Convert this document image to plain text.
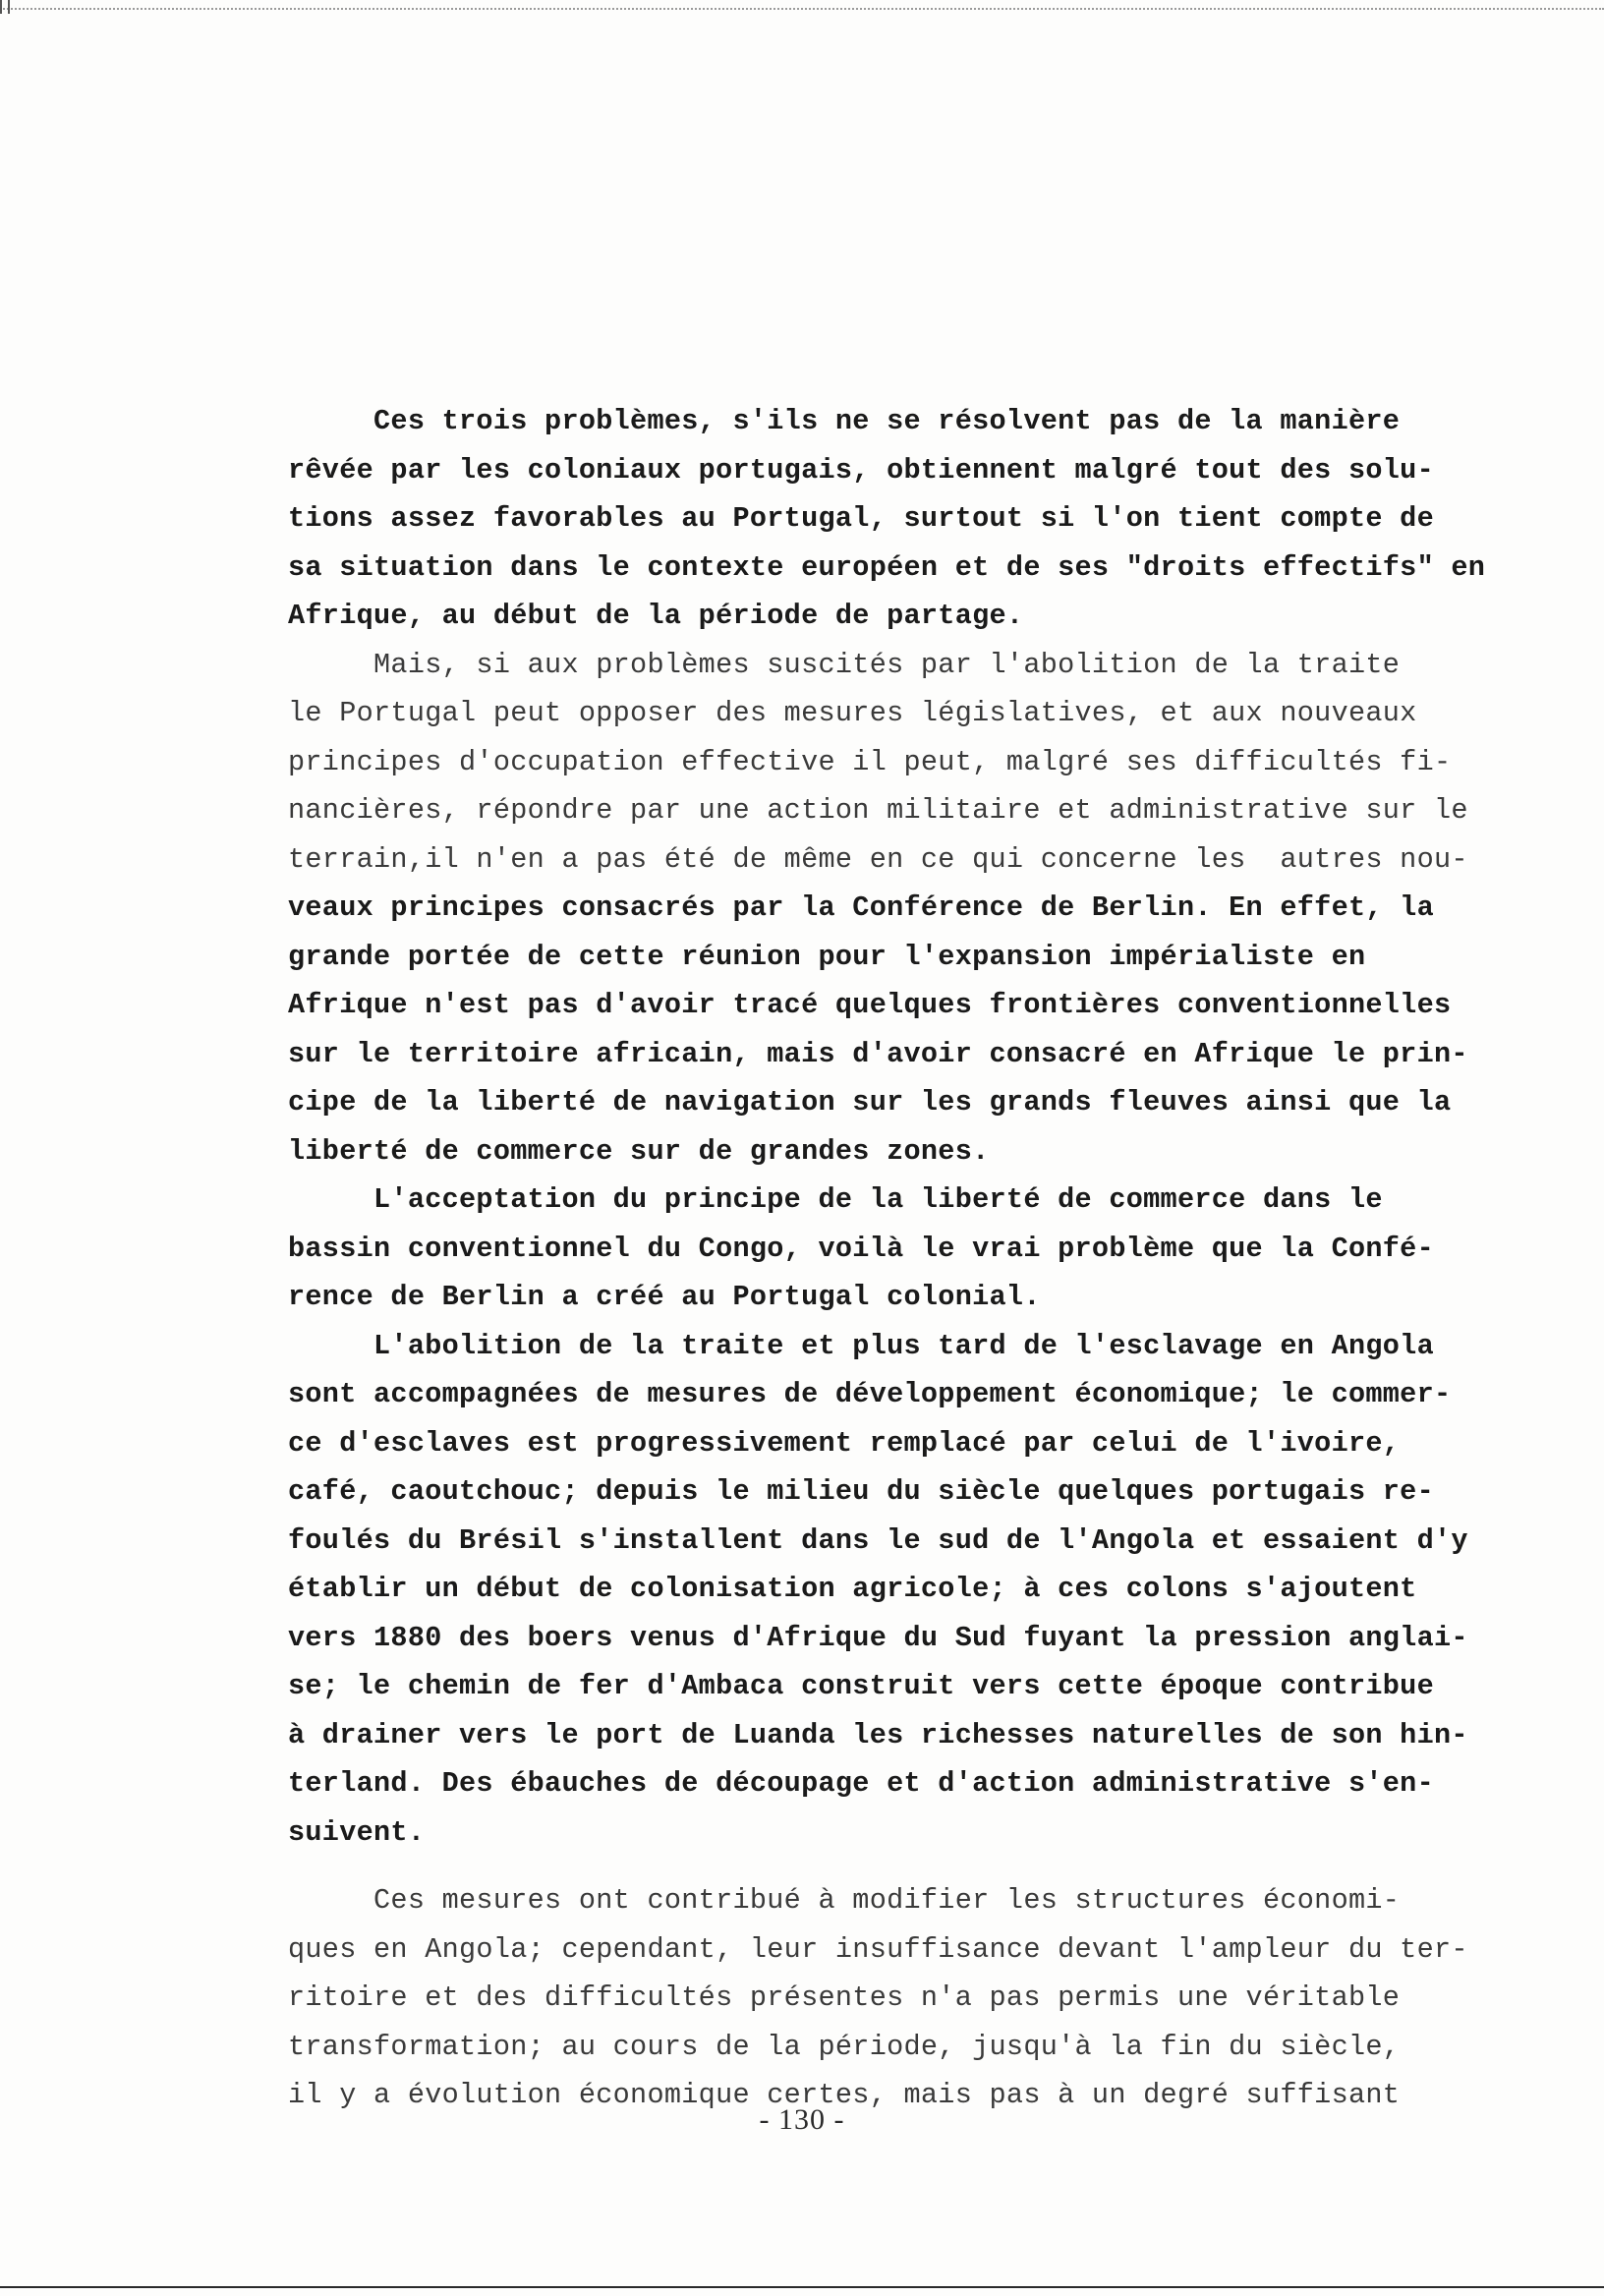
Ces trois problèmes, s'ils ne se résolvent pas de la manière
rêvée par les coloniaux portugais, obtiennent malgré tout des solu-
tions assez favorables au Portugal, surtout si l'on tient compte de
sa situation dans le contexte européen et de ses "droits effectifs" en
Afrique, au début de la période de partage.
Mais, si aux problèmes suscités par l'abolition de la traite
le Portugal peut opposer des mesures législatives, et aux nouveaux
principes d'occupation effective il peut, malgré ses difficultés fi-
nancières, répondre par une action militaire et administrative sur le
terrain,il n'en a pas été de même en ce qui concerne les  autres nou-
veaux principes consacrés par la Conférence de Berlin. En effet, la
grande portée de cette réunion pour l'expansion impérialiste en
Afrique n'est pas d'avoir tracé quelques frontières conventionnelles
sur le territoire africain, mais d'avoir consacré en Afrique le prin-
cipe de la liberté de navigation sur les grands fleuves ainsi que la
liberté de commerce sur de grandes zones.
L'acceptation du principe de la liberté de commerce dans le
bassin conventionnel du Congo, voilà le vrai problème que la Confé-
rence de Berlin a créé au Portugal colonial.
L'abolition de la traite et plus tard de l'esclavage en Angola
sont accompagnées de mesures de développement économique; le commer-
ce d'esclaves est progressivement remplacé par celui de l'ivoire,
café, caoutchouc; depuis le milieu du siècle quelques portugais re-
foulés du Brésil s'installent dans le sud de l'Angola et essaient d'y
établir un début de colonisation agricole; à ces colons s'ajoutent
vers 1880 des boers venus d'Afrique du Sud fuyant la pression anglai-
se; le chemin de fer d'Ambaca construit vers cette époque contribue
à drainer vers le port de Luanda les richesses naturelles de son hin-
terland. Des ébauches de découpage et d'action administrative s'en-
suivent.
Ces mesures ont contribué à modifier les structures économi-
ques en Angola; cependant, leur insuffisance devant l'ampleur du ter-
ritoire et des difficultés présentes n'a pas permis une véritable
transformation; au cours de la période, jusqu'à la fin du siècle,
il y a évolution économique certes, mais pas à un degré suffisant
- 130 -
